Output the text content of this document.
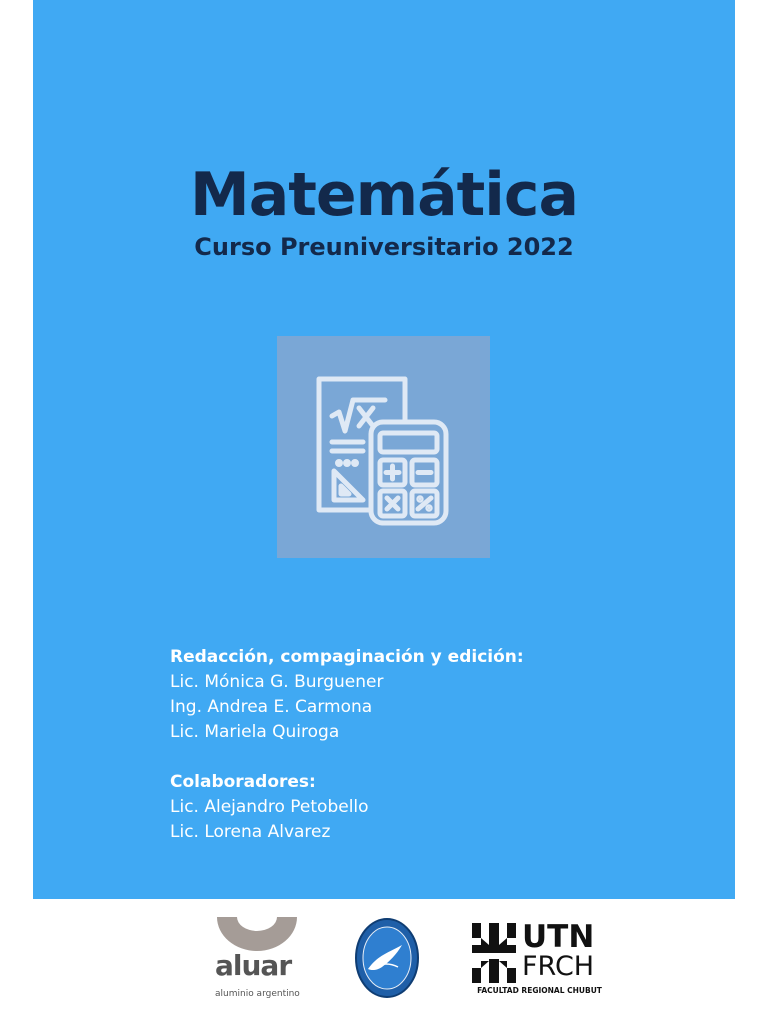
Matemática
Curso Preuniversitario 2022
Redacción, compaginación y edición:
Lic. Mónica G. Burguener
Ing. Andrea E. Carmona
Lic. Mariela Quiroga
Colaboradores:
Lic. Alejandro Petobello
Lic. Lorena Alvarez
aluar
aluminio argentino
UTN
FRCH
FACULTAD REGIONAL CHUBUT
